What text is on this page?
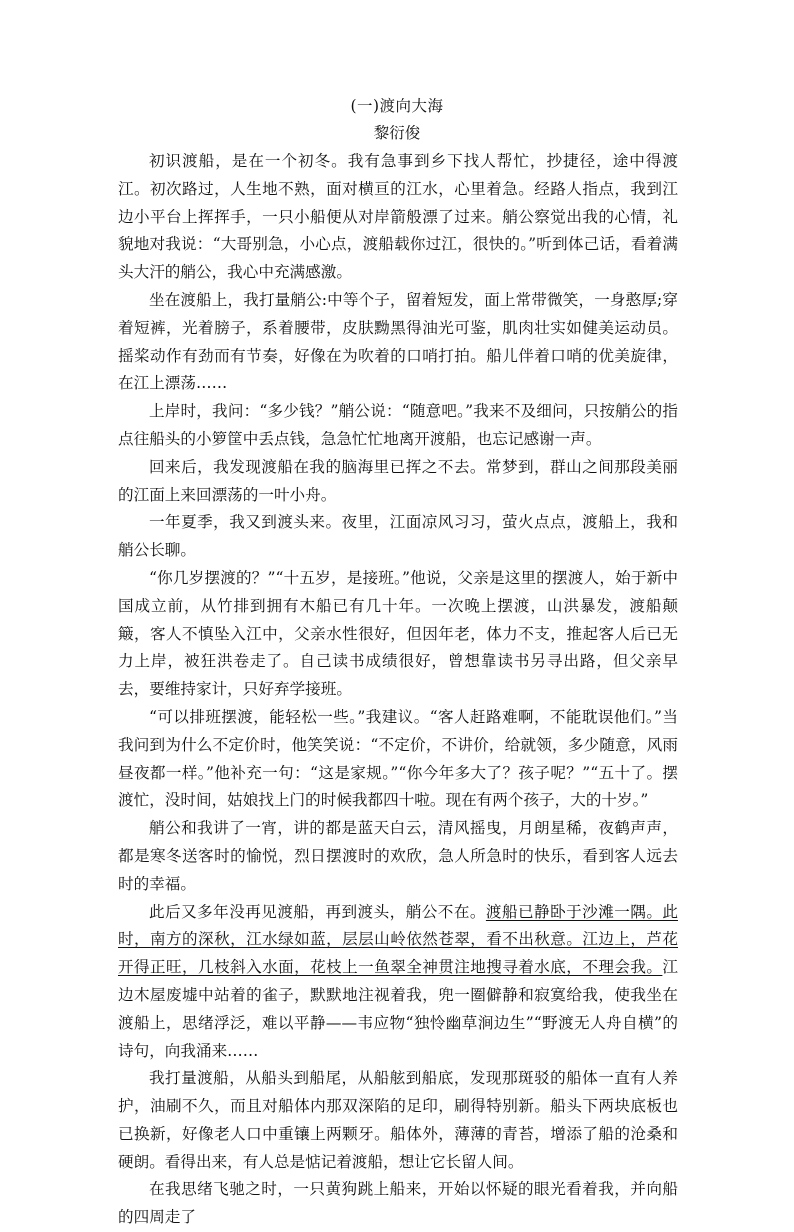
(一)渡向大海
黎衍俊

初识渡船，是在一个初冬。我有急事到乡下找人帮忙，抄捷径，途中得渡江。初次路过，人生地不熟，面对横亘的江水，心里着急。经路人指点，我到江边小平台上挥挥手，一只小船便从对岸箭般漂了过来。艄公察觉出我的心情，礼貌地对我说：“大哥别急，小心点，渡船载你过江，很快的。”听到体己话，看着满头大汗的艄公，我心中充满感激。

坐在渡船上，我打量艄公:中等个子，留着短发，面上常带微笑，一身憨厚;穿着短裤，光着膀子，系着腰带，皮肤黝黑得油光可鉴，肌肉壮实如健美运动员。摇桨动作有劲而有节奏，好像在为吹着的口哨打拍。船儿伴着口哨的优美旋律，在江上漂荡……

上岸时，我问：“多少钱？”艄公说：“随意吧。”我来不及细问，只按艄公的指点往船头的小箩筐中丢点钱，急急忙忙地离开渡船，也忘记感谢一声。

回来后，我发现渡船在我的脑海里已挥之不去。常梦到，群山之间那段美丽的江面上来回漂荡的一叶小舟。

一年夏季，我又到渡头来。夜里，江面凉风习习，萤火点点，渡船上，我和艄公长聊。

“你几岁摆渡的？”“十五岁，是接班。”他说，父亲是这里的摆渡人，始于新中国成立前，从竹排到拥有木船已有几十年。一次晚上摆渡，山洪暴发，渡船颠簸，客人不慎坠入江中，父亲水性很好，但因年老，体力不支，推起客人后已无力上岸，被狂洪卷走了。自己读书成绩很好，曾想靠读书另寻出路，但父亲早去，要维持家计，只好弃学接班。

“可以排班摆渡，能轻松一些。”我建议。“客人赶路难啊，不能耽误他们。”当我问到为什么不定价时，他笑笑说：“不定价，不讲价，给就领，多少随意，风雨昼夜都一样。”他补充一句：“这是家规。”“你今年多大了？孩子呢？”“五十了。摆渡忙，没时间，姑娘找上门的时候我都四十啦。现在有两个孩子，大的十岁。”

艄公和我讲了一宵，讲的都是蓝天白云，清风摇曳，月朗星稀，夜鹤声声，都是寒冬送客时的愉悦，烈日摆渡时的欢欣，急人所急时的快乐，看到客人远去时的幸福。

此后又多年没再见渡船，再到渡头，艄公不在。渡船已静卧于沙滩一隅。此时，南方的深秋，江水绿如蓝，层层山岭依然苍翠，看不出秋意。江边上，芦花开得正旺，几枝斜入水面，花枝上一鱼翠全神贯注地搜寻着水底，不理会我。江边木屋废墟中站着的雀子，默默地注视着我，兜一圈僻静和寂寞给我，使我坐在渡船上，思绪浮泛，难以平静——韦应物“独怜幽草涧边生”“野渡无人舟自横”的诗句，向我涌来……

我打量渡船，从船头到船尾，从船舷到船底，发现那斑驳的船体一直有人养护，油刷不久，而且对船体内那双深陷的足印，刷得特别新。船头下两块底板也已换新，好像老人口中重镶上两颗牙。船体外，薄薄的青苔，增添了船的沧桑和硬朗。看得出来，有人总是惦记着渡船，想让它长留人间。

在我思绪飞驰之时，一只黄狗跳上船来，开始以怀疑的眼光看着我，并向船的四周走了
